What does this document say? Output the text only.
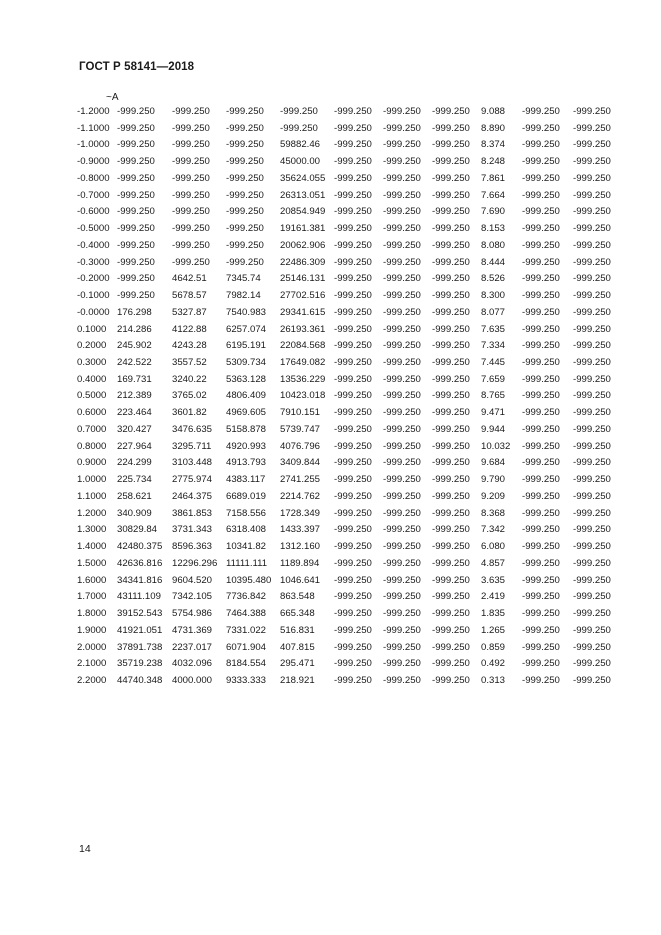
ГОСТ Р 58141—2018
~A
-1.2000	-999.250	-999.250	-999.250	-999.250	-999.250	-999.250	-999.250	9.088	-999.250	-999.250
-1.1000	-999.250	-999.250	-999.250	-999.250	-999.250	-999.250	-999.250	8.890	-999.250	-999.250
-1.0000	-999.250	-999.250	-999.250	59882.46	-999.250	-999.250	-999.250	8.374	-999.250	-999.250
-0.9000	-999.250	-999.250	-999.250	45000.00	-999.250	-999.250	-999.250	8.248	-999.250	-999.250
-0.8000	-999.250	-999.250	-999.250	35624.055	-999.250	-999.250	-999.250	7.861	-999.250	-999.250
-0.7000	-999.250	-999.250	-999.250	26313.051	-999.250	-999.250	-999.250	7.664	-999.250	-999.250
-0.6000	-999.250	-999.250	-999.250	20854.949	-999.250	-999.250	-999.250	7.690	-999.250	-999.250
-0.5000	-999.250	-999.250	-999.250	19161.381	-999.250	-999.250	-999.250	8.153	-999.250	-999.250
-0.4000	-999.250	-999.250	-999.250	20062.906	-999.250	-999.250	-999.250	8.080	-999.250	-999.250
-0.3000	-999.250	-999.250	-999.250	22486.309	-999.250	-999.250	-999.250	8.444	-999.250	-999.250
-0.2000	-999.250	4642.51	7345.74	25146.131	-999.250	-999.250	-999.250	8.526	-999.250	-999.250
-0.1000	-999.250	5678.57	7982.14	27702.516	-999.250	-999.250	-999.250	8.300	-999.250	-999.250
-0.0000	176.298	5327.87	7540.983	29341.615	-999.250	-999.250	-999.250	8.077	-999.250	-999.250
0.1000	214.286	4122.88	6257.074	26193.361	-999.250	-999.250	-999.250	7.635	-999.250	-999.250
0.2000	245.902	4243.28	6195.191	22084.568	-999.250	-999.250	-999.250	7.334	-999.250	-999.250
0.3000	242.522	3557.52	5309.734	17649.082	-999.250	-999.250	-999.250	7.445	-999.250	-999.250
0.4000	169.731	3240.22	5363.128	13536.229	-999.250	-999.250	-999.250	7.659	-999.250	-999.250
0.5000	212.389	3765.02	4806.409	10423.018	-999.250	-999.250	-999.250	8.765	-999.250	-999.250
0.6000	223.464	3601.82	4969.605	7910.151	-999.250	-999.250	-999.250	9.471	-999.250	-999.250
0.7000	320.427	3476.635	5158.878	5739.747	-999.250	-999.250	-999.250	9.944	-999.250	-999.250
0.8000	227.964	3295.711	4920.993	4076.796	-999.250	-999.250	-999.250	10.032	-999.250	-999.250
0.9000	224.299	3103.448	4913.793	3409.844	-999.250	-999.250	-999.250	9.684	-999.250	-999.250
1.0000	225.734	2775.974	4383.117	2741.255	-999.250	-999.250	-999.250	9.790	-999.250	-999.250
1.1000	258.621	2464.375	6689.019	2214.762	-999.250	-999.250	-999.250	9.209	-999.250	-999.250
1.2000	340.909	3861.853	7158.556	1728.349	-999.250	-999.250	-999.250	8.368	-999.250	-999.250
1.3000	30829.84	3731.343	6318.408	1433.397	-999.250	-999.250	-999.250	7.342	-999.250	-999.250
1.4000	42480.375	8596.363	10341.82	1312.160	-999.250	-999.250	-999.250	6.080	-999.250	-999.250
1.5000	42636.816	12296.296	11111.111	1189.894	-999.250	-999.250	-999.250	4.857	-999.250	-999.250
1.6000	34341.816	9604.520	10395.480	1046.641	-999.250	-999.250	-999.250	3.635	-999.250	-999.250
1.7000	43111.109	7342.105	7736.842	863.548	-999.250	-999.250	-999.250	2.419	-999.250	-999.250
1.8000	39152.543	5754.986	7464.388	665.348	-999.250	-999.250	-999.250	1.835	-999.250	-999.250
1.9000	41921.051	4731.369	7331.022	516.831	-999.250	-999.250	-999.250	1.265	-999.250	-999.250
2.0000	37891.738	2237.017	6071.904	407.815	-999.250	-999.250	-999.250	0.859	-999.250	-999.250
2.1000	35719.238	4032.096	8184.554	295.471	-999.250	-999.250	-999.250	0.492	-999.250	-999.250
2.2000	44740.348	4000.000	9333.333	218.921	-999.250	-999.250	-999.250	0.313	-999.250	-999.250
14
